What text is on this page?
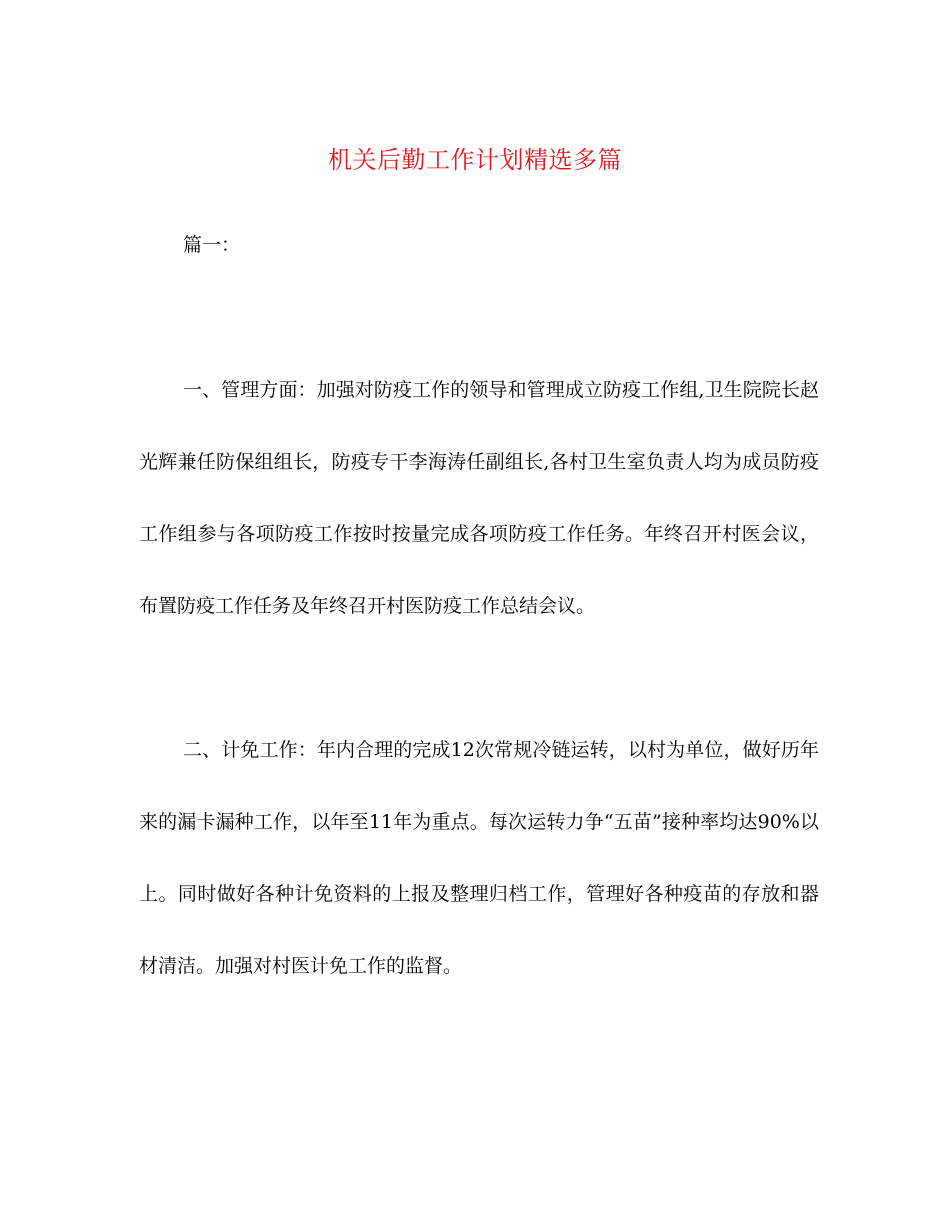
机关后勤工作计划精选多篇

篇一：

一、管理方面：加强对防疫工作的领导和管理成立防疫工作组,卫生院院长赵光辉兼任防保组组长，防疫专干李海涛任副组长,各村卫生室负责人均为成员防疫工作组参与各项防疫工作按时按量完成各项防疫工作任务。年终召开村医会议，布置防疫工作任务及年终召开村医防疫工作总结会议。

二、计免工作：年内合理的完成12次常规冷链运转，以村为单位，做好历年来的漏卡漏种工作，以年至11年为重点。每次运转力争“五苗”接种率均达90%以上。同时做好各种计免资料的上报及整理归档工作，管理好各种疫苗的存放和器材清洁。加强对村医计免工作的监督。
